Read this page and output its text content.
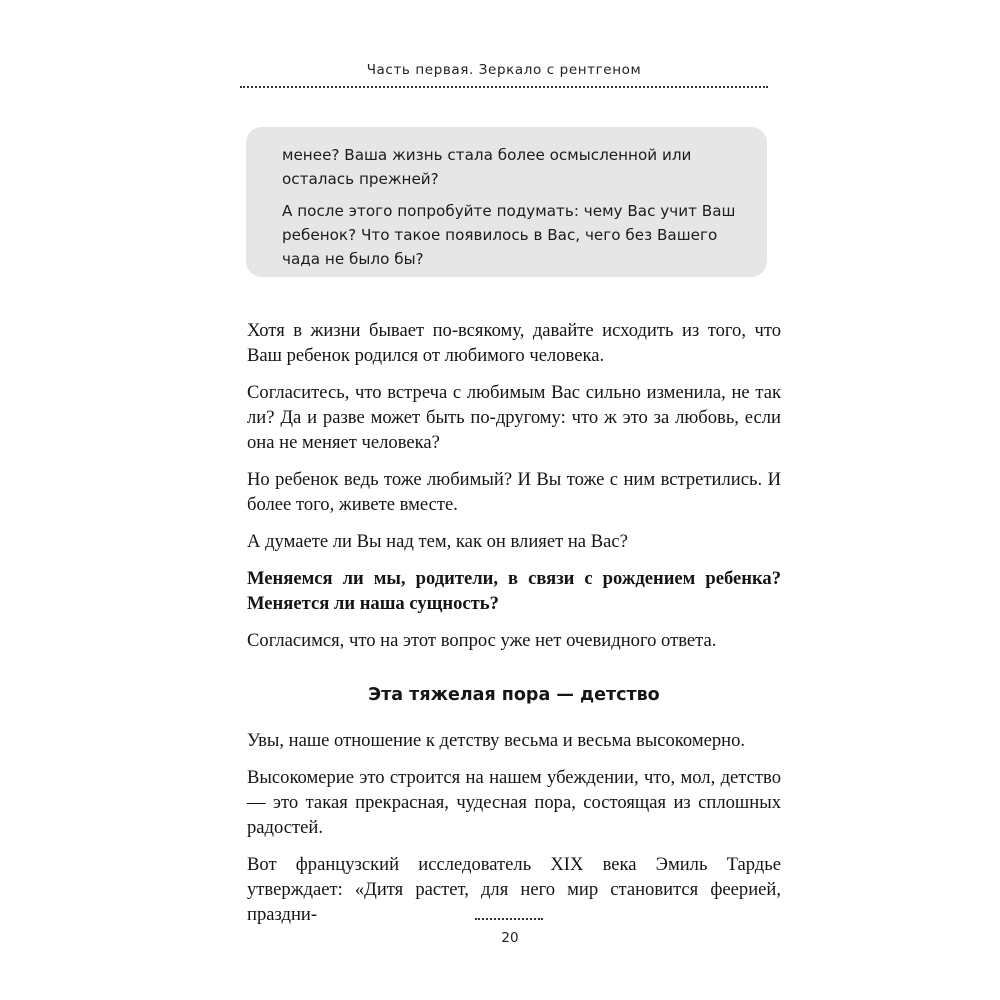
Часть первая. Зеркало с рентгеном

менее? Ваша жизнь стала более осмысленной или осталась прежней?

А после этого попробуйте подумать: чему Вас учит Ваш ребенок? Что такое появилось в Вас, чего без Вашего чада не было бы?

Хотя в жизни бывает по-всякому, давайте исходить из того, что Ваш ребенок родился от любимого человека.

Согласитесь, что встреча с любимым Вас сильно изменила, не так ли? Да и разве может быть по-другому: что ж это за любовь, если она не меняет человека?

Но ребенок ведь тоже любимый? И Вы тоже с ним встретились. И более того, живете вместе.

А думаете ли Вы над тем, как он влияет на Вас?

Меняемся ли мы, родители, в связи с рождением ребенка? Меняется ли наша сущность?

Согласимся, что на этот вопрос уже нет очевидного ответа.

Эта тяжелая пора — детство

Увы, наше отношение к детству весьма и весьма высокомерно.

Высокомерие это строится на нашем убеждении, что, мол, детство — это такая прекрасная, чудесная пора, состоящая из сплошных радостей.

Вот французский исследователь XIX века Эмиль Тардье утверждает: «Дитя растет, для него мир становится феерией, праздни-

20
